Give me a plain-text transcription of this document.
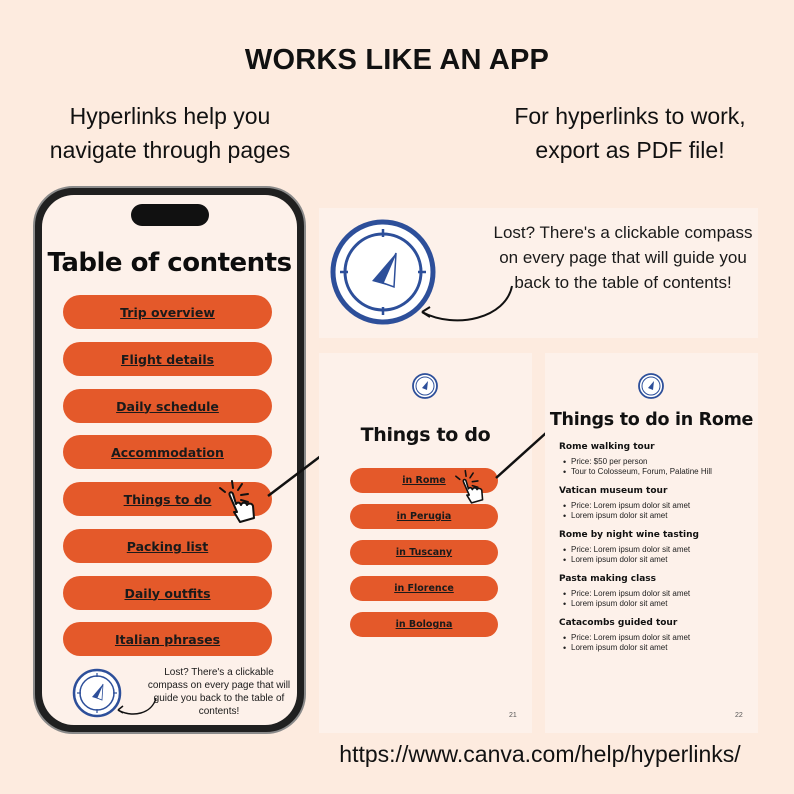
WORKS LIKE AN APP
Hyperlinks help you navigate through pages
For hyperlinks to work, export as PDF file!
Table of contents
Trip overview
Flight details
Daily schedule
Accommodation
Things to do
Packing list
Daily outfits
Italian phrases
Lost? There's a clickable compass on every page that will guide you back to the table of contents!
Lost? There's a clickable compass on every page that will guide you back to the table of contents!
Things to do
in Rome
in Perugia
in Tuscany
in Florence
in Bologna
21
Things to do in Rome
Rome walking tour
• Price: $50 per person
• Tour to Colosseum, Forum, Palatine Hill
Vatican museum tour
• Price: Lorem ipsum dolor sit amet
• Lorem ipsum dolor sit amet
Rome by night wine tasting
• Price: Lorem ipsum dolor sit amet
• Lorem ipsum dolor sit amet
Pasta making class
• Price: Lorem ipsum dolor sit amet
• Lorem ipsum dolor sit amet
Catacombs guided tour
• Price: Lorem ipsum dolor sit amet
• Lorem ipsum dolor sit amet
22
https://www.canva.com/help/hyperlinks/
